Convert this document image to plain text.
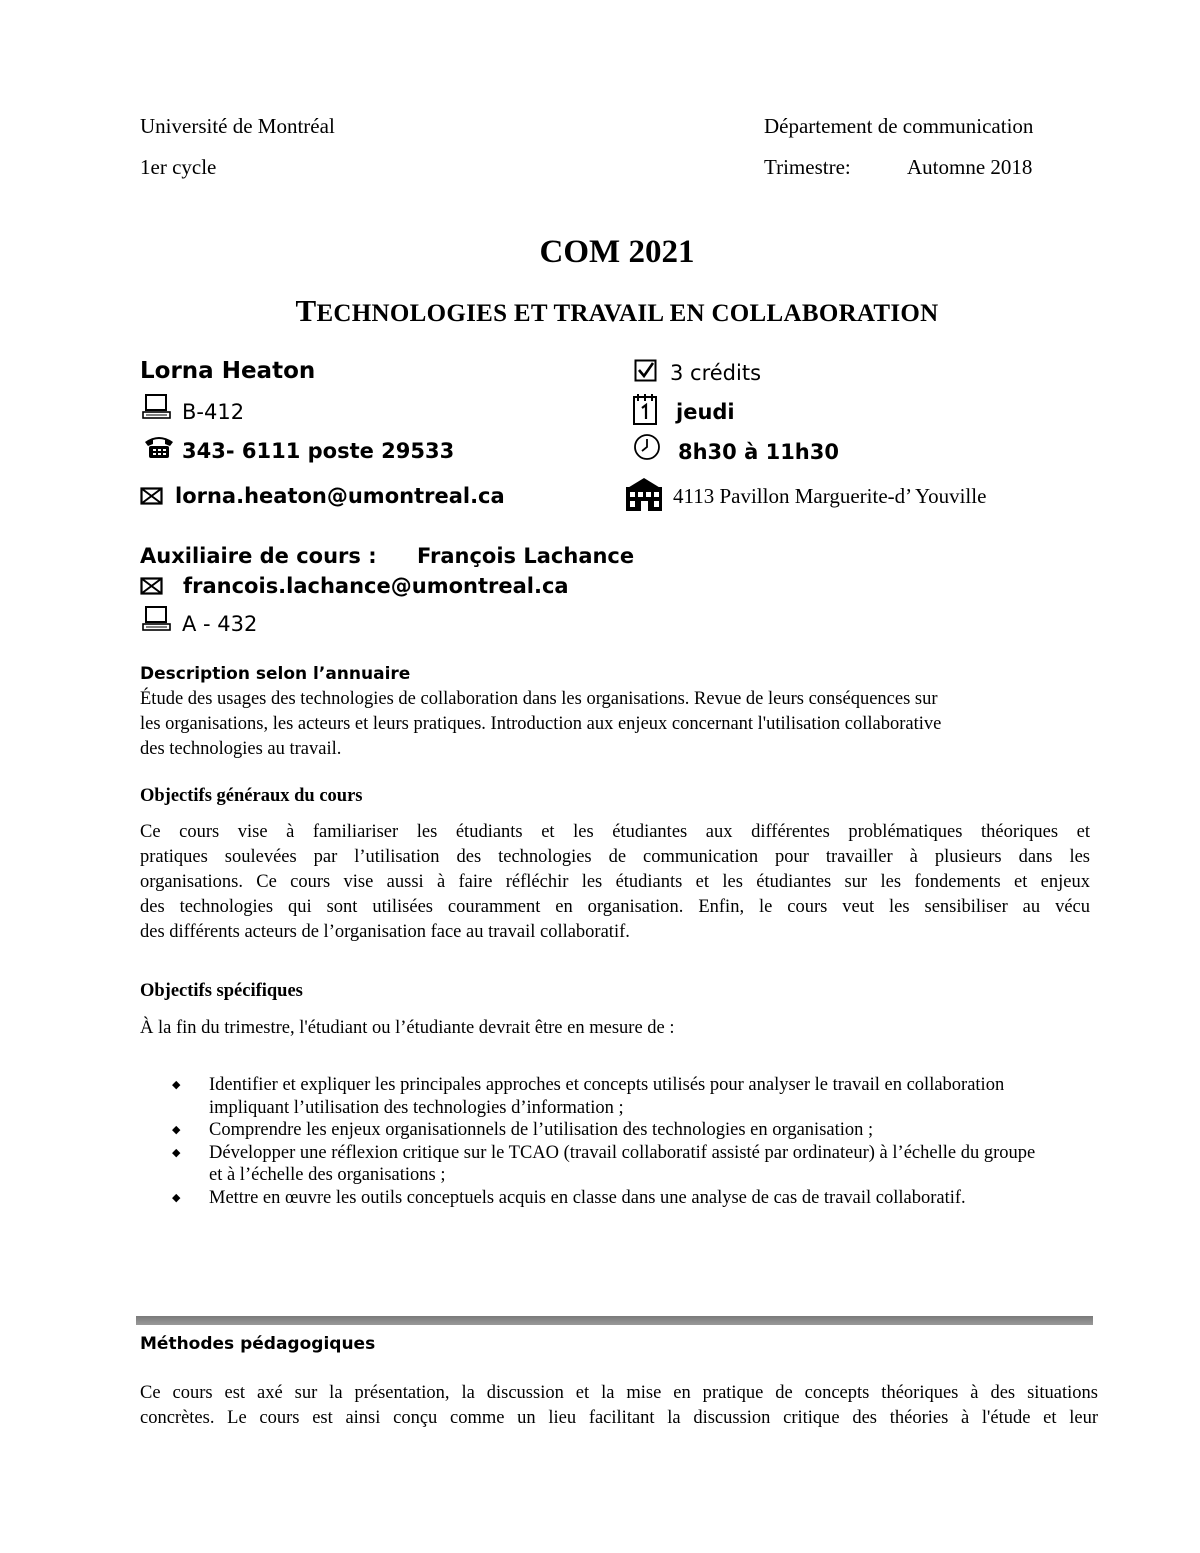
Université de Montréal	Département de communication
1er cycle	Trimestre:	Automne 2018
COM 2021
TECHNOLOGIES ET TRAVAIL EN COLLABORATION
Lorna Heaton
B-412
343- 6111 poste 29533
lorna.heaton@umontreal.ca
3 crédits
jeudi
8h30 à 11h30
4113 Pavillon Marguerite-d’ Youville
Auxiliaire de cours : François Lachance
francois.lachance@umontreal.ca
A - 432
Description selon l’annuaire
Étude des usages des technologies de collaboration dans les organisations. Revue de leurs conséquences sur
les organisations, les acteurs et leurs pratiques. Introduction aux enjeux concernant l'utilisation collaborative
des technologies au travail.
Objectifs généraux du cours
Ce cours vise à familiariser les étudiants et les étudiantes aux différentes problématiques théoriques et
pratiques soulevées par l’utilisation des technologies de communication pour travailler à plusieurs dans les
organisations. Ce cours vise aussi à faire réfléchir les étudiants et les étudiantes sur les fondements et enjeux
des technologies qui sont utilisées couramment en organisation. Enfin, le cours veut les sensibiliser au vécu
des différents acteurs de l’organisation face au travail collaboratif.
Objectifs spécifiques
À la fin du trimestre, l'étudiant ou l’étudiante devrait être en mesure de :
◆ Identifier et expliquer les principales approches et concepts utilisés pour analyser le travail en collaboration impliquant l’utilisation des technologies d’information ;
◆ Comprendre les enjeux organisationnels de l’utilisation des technologies en organisation ;
◆ Développer une réflexion critique sur le TCAO (travail collaboratif assisté par ordinateur) à l’échelle du groupe et à l’échelle des organisations ;
◆ Mettre en œuvre les outils conceptuels acquis en classe dans une analyse de cas de travail collaboratif.
Méthodes pédagogiques
Ce cours est axé sur la présentation, la discussion et la mise en pratique de concepts théoriques à des situations
concrètes. Le cours est ainsi conçu comme un lieu facilitant la discussion critique des théories à l'étude et leur
